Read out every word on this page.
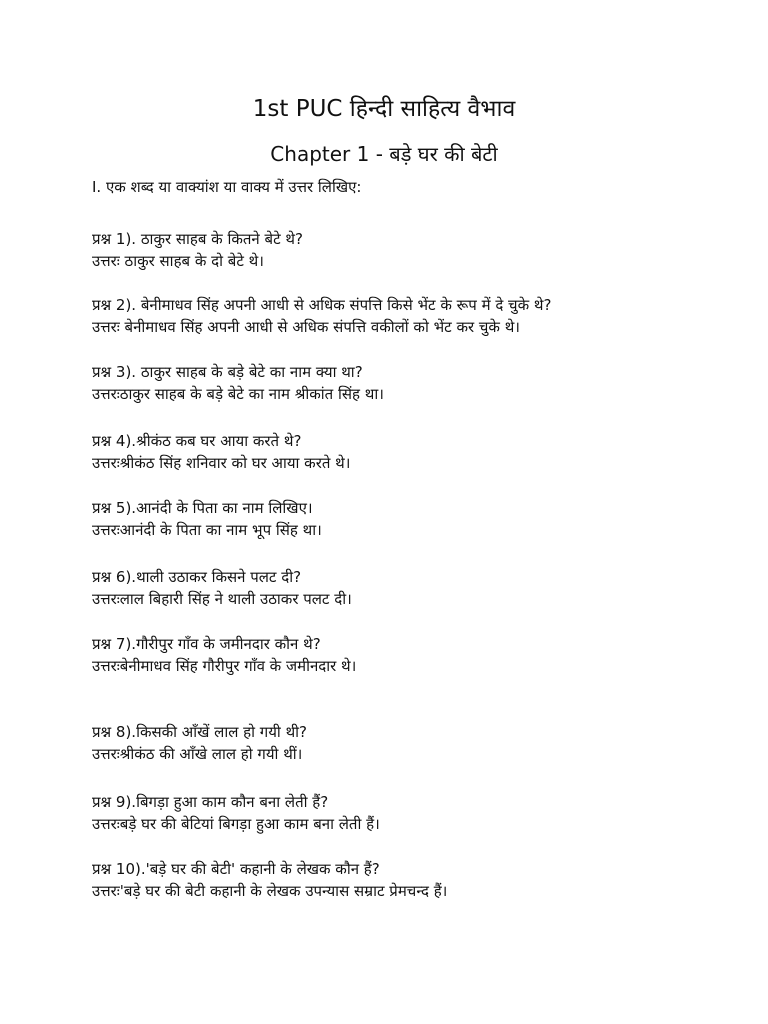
1st PUC हिन्दी साहित्य वैभाव
Chapter 1 - बड़े घर की बेटी
I. एक शब्द या वाक्यांश या वाक्य में उत्तर लिखिए:
प्रश्न 1). ठाकुर साहब के कितने बेटे थे?
उत्तरः ठाकुर साहब के दो बेटे थे।
प्रश्न 2). बेनीमाधव सिंह अपनी आधी से अधिक संपत्ति किसे भेंट के रूप में दे चुके थे?
उत्तरः बेनीमाधव सिंह अपनी आधी से अधिक संपत्ति वकीलों को भेंट कर चुके थे।
प्रश्न 3). ठाकुर साहब के बड़े बेटे का नाम क्या था?
उत्तरःठाकुर साहब के बड़े बेटे का नाम श्रीकांत सिंह था।
प्रश्न 4).श्रीकंठ कब घर आया करते थे?
उत्तरःश्रीकंठ सिंह शनिवार को घर आया करते थे।
प्रश्न 5).आनंदी के पिता का नाम लिखिए।
उत्तरःआनंदी के पिता का नाम भूप सिंह था।
प्रश्न 6).थाली उठाकर किसने पलट दी?
उत्तरःलाल बिहारी सिंह ने थाली उठाकर पलट दी।
प्रश्न 7).गौरीपुर गाँव के जमीनदार कौन थे?
उत्तरःबेनीमाधव सिंह गौरीपुर गाँव के जमीनदार थे।
प्रश्न 8).किसकी आँखें लाल हो गयी थी?
उत्तरःश्रीकंठ की आँखे लाल हो गयी थीं।
प्रश्न 9).बिगड़ा हुआ काम कौन बना लेती हैं?
उत्तरःबड़े घर की बेटियां बिगड़ा हुआ काम बना लेती हैं।
प्रश्न 10).'बड़े घर की बेटी' कहानी के लेखक कौन हैं?
उत्तरः'बड़े घर की बेटी कहानी के लेखक उपन्यास सम्राट प्रेमचन्द हैं।
